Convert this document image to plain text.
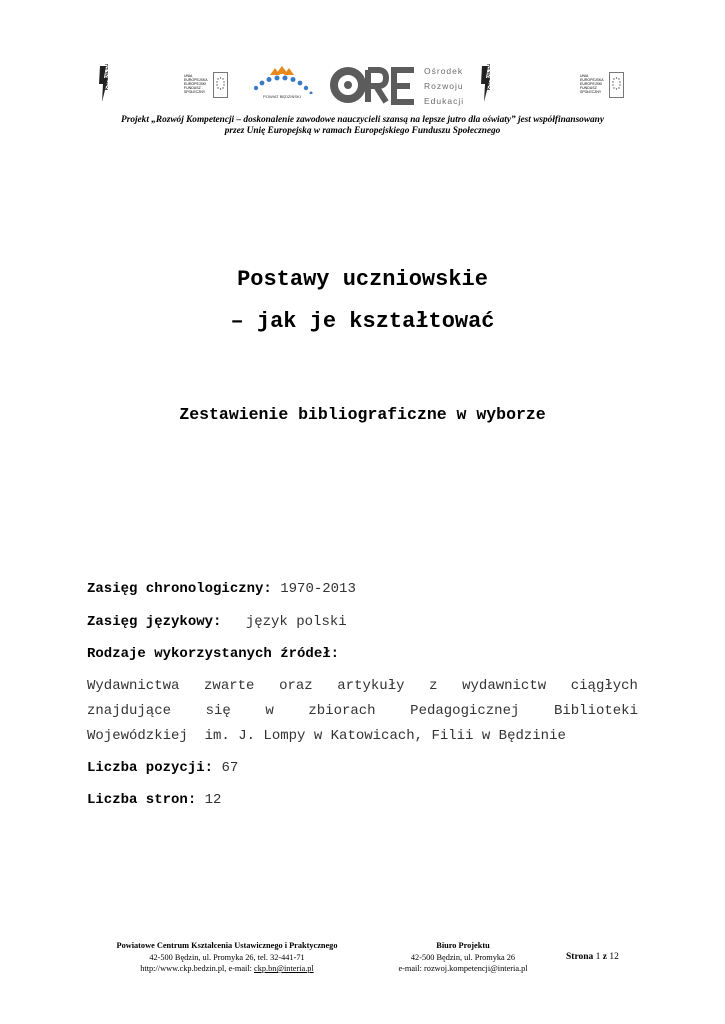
KAPITAŁ LUDZKI	UNIA EUROPEJSKA
EUROPEJSKI FUNDUSZ SPOŁECZNY
POWIAT BĘDZIŃSKI
Ośrodek
Rozwoju
Edukacji
KAPITAŁ LUDZKI	UNIA EUROPEJSKA
EUROPEJSKI FUNDUSZ SPOŁECZNY
Projekt „Rozwój Kompetencji – doskonalenie zawodowe nauczycieli szansą na lepsze jutro dla oświaty” jest współfinansowany
przez Unię Europejską w ramach Europejskiego Funduszu Społecznego
Postawy uczniowskie
– jak je kształtować
Zestawienie bibliograficzne w wyborze
Zasięg chronologiczny: 1970-2013
Zasięg językowy: język polski
Rodzaje wykorzystanych źródeł:
Wydawnictwa zwarte oraz artykuły z wydawnictw ciągłych
znajdujące się w zbiorach Pedagogicznej Biblioteki
Wojewódzkiej  im. J. Lompy w Katowicach, Filii w Będzinie
Liczba pozycji: 67
Liczba stron: 12
Powiatowe Centrum Kształcenia Ustawicznego i Praktycznego
42-500 Będzin, ul. Promyka 26, tel. 32-441-71
http://www.ckp.bedzin.pl, e-mail: ckp.bn@interia.pl
Biuro Projektu
42-500 Będzin, ul. Promyka 26
e-mail: rozwoj.kompetencji@interia.pl
Strona 1 z 12
